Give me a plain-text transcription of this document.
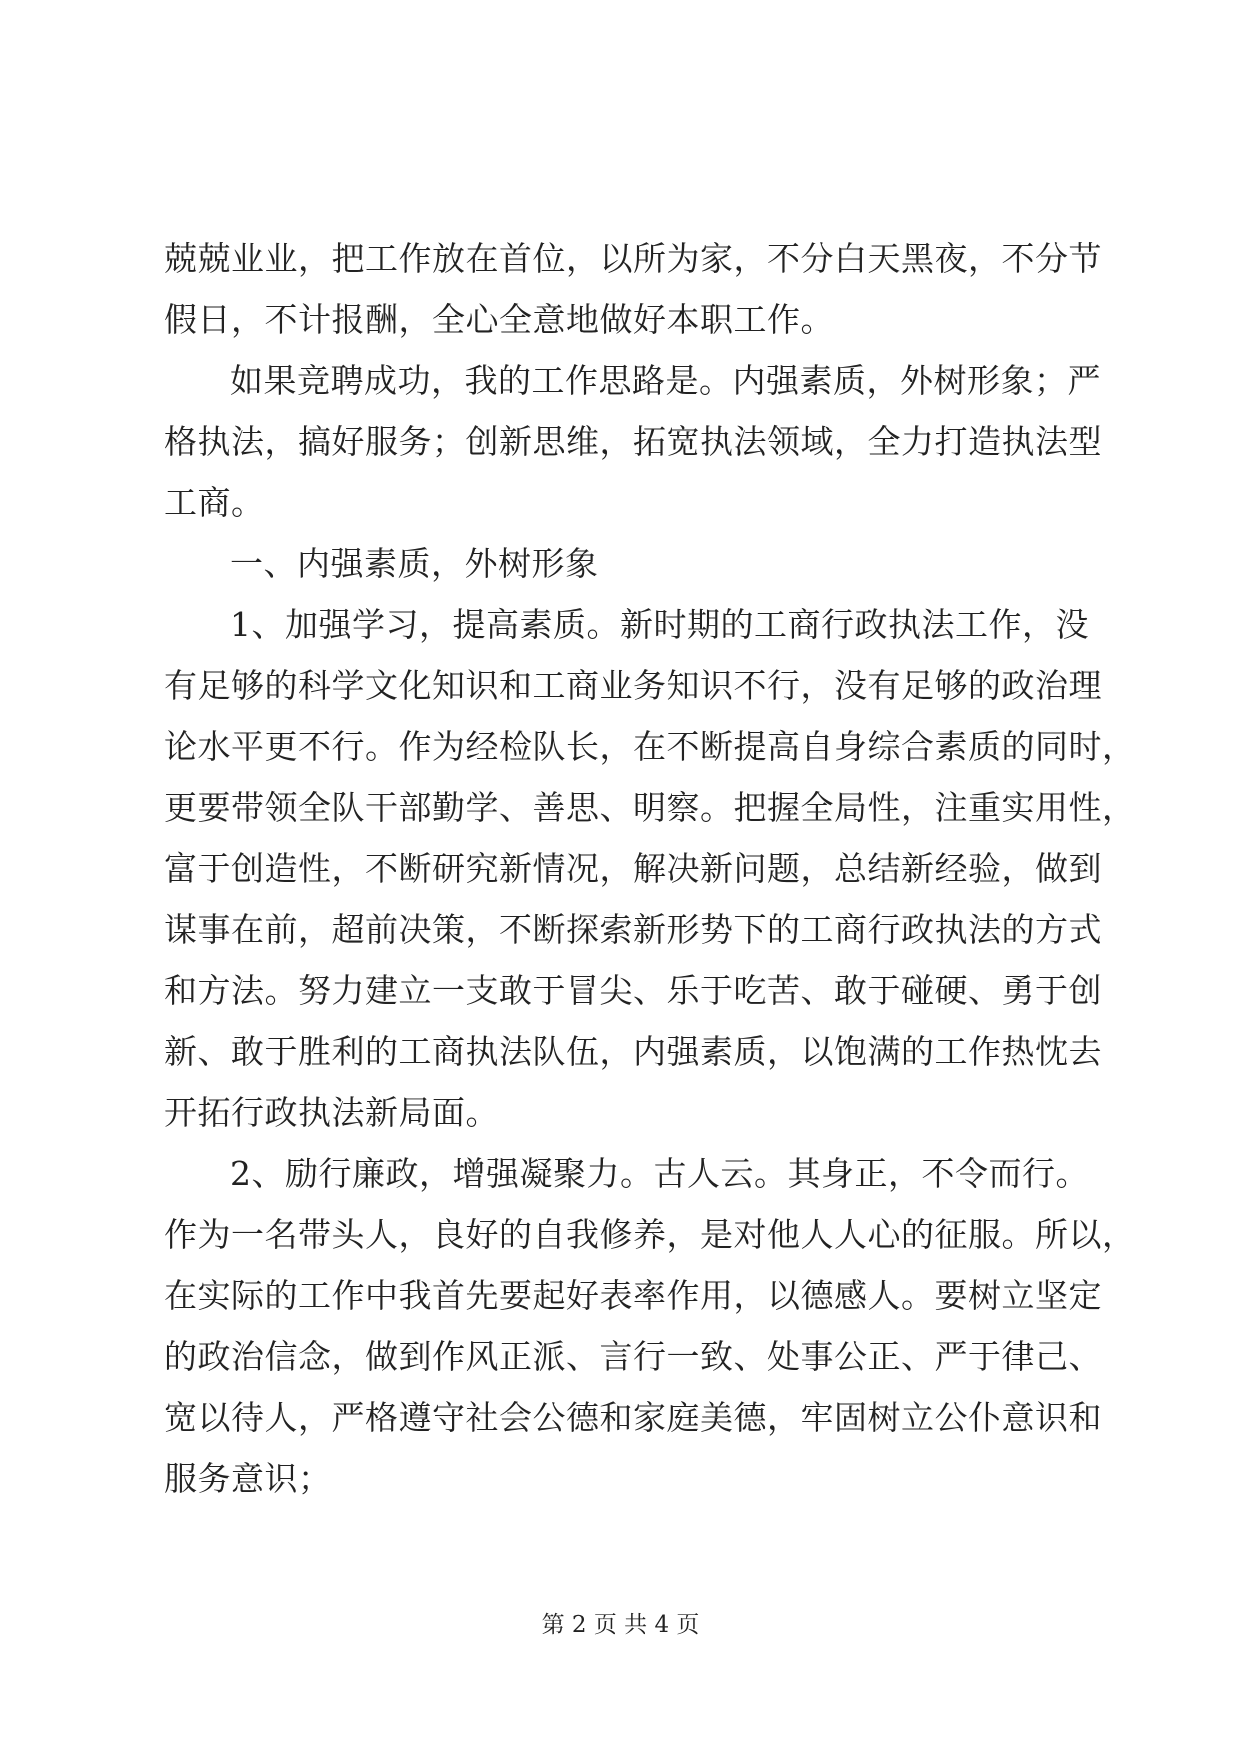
兢兢业业，把工作放在首位，以所为家，不分白天黑夜，不分节
假日，不计报酬，全心全意地做好本职工作。
如果竞聘成功，我的工作思路是。内强素质，外树形象；严
格执法，搞好服务；创新思维，拓宽执法领域，全力打造执法型
工商。
一、内强素质，外树形象
1、加强学习，提高素质。新时期的工商行政执法工作，没
有足够的科学文化知识和工商业务知识不行，没有足够的政治理
论水平更不行。作为经检队长，在不断提高自身综合素质的同时，
更要带领全队干部勤学、善思、明察。把握全局性，注重实用性，
富于创造性，不断研究新情况，解决新问题，总结新经验，做到
谋事在前，超前决策，不断探索新形势下的工商行政执法的方式
和方法。努力建立一支敢于冒尖、乐于吃苦、敢于碰硬、勇于创
新、敢于胜利的工商执法队伍，内强素质，以饱满的工作热忱去
开拓行政执法新局面。
2、励行廉政，增强凝聚力。古人云。其身正，不令而行。
作为一名带头人，良好的自我修养，是对他人人心的征服。所以，
在实际的工作中我首先要起好表率作用，以德感人。要树立坚定
的政治信念，做到作风正派、言行一致、处事公正、严于律己、
宽以待人，严格遵守社会公德和家庭美德，牢固树立公仆意识和
服务意识；
第 2 页 共 4 页
